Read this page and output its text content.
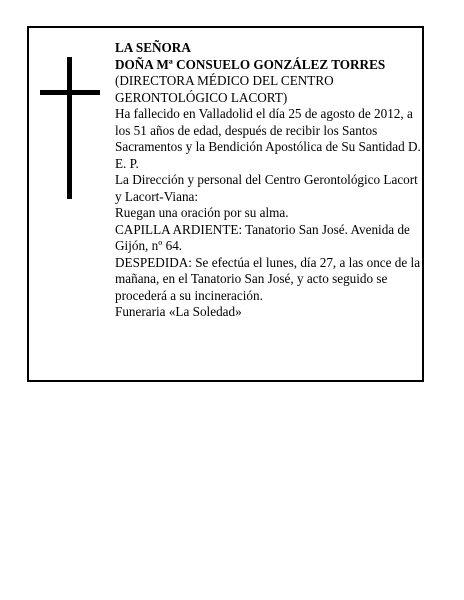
LA SEÑORA

DOÑA Mª CONSUELO GONZÁLEZ TORRES

(DIRECTORA MÉDICO DEL CENTRO GERONTOLÓGICO LACORT)

Ha fallecido en Valladolid el día 25 de agosto de 2012, a los 51 años de edad, después de recibir los Santos Sacramentos y la Bendición Apostólica de Su Santidad D. E. P.

La Dirección y personal del Centro Gerontológico Lacort y Lacort-Viana:

Ruegan una oración por su alma.

CAPILLA ARDIENTE: Tanatorio San José. Avenida de Gijón, nº 64.

DESPEDIDA: Se efectúa el lunes, día 27, a las once de la mañana, en el Tanatorio San José, y acto seguido se procederá a su incineración.

Funeraria «La Soledad»
